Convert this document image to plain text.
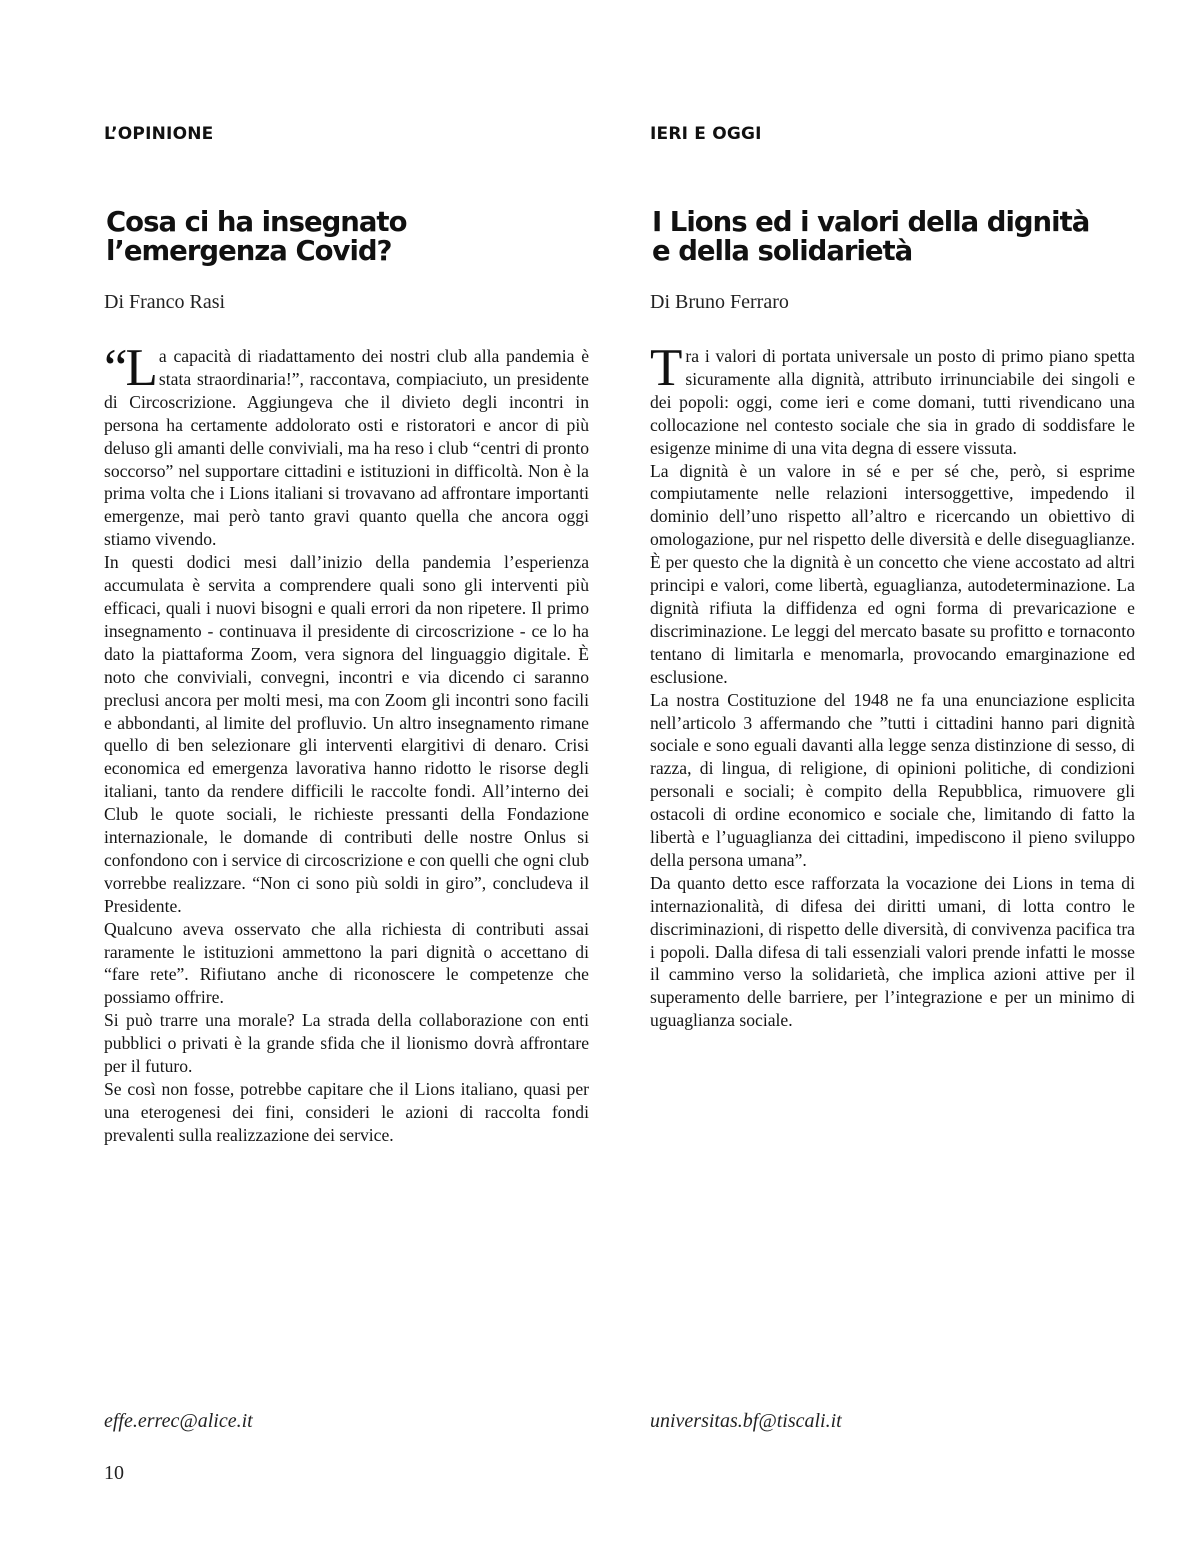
L’OPINIONE
Cosa ci ha insegnato
l’emergenza Covid?
Di Franco Rasi

“La capacità di riadattamento dei nostri club alla pandemia è stata straordinaria!”, raccontava, compiaciuto, un presidente di Circoscrizione. Aggiungeva che il divieto degli incontri in persona ha certamente addolorato osti e ristoratori e ancor di più deluso gli amanti delle conviviali, ma ha reso i club “centri di pronto soccorso” nel supportare cittadini e istituzioni in difficoltà. Non è la prima volta che i Lions italiani si trovavano ad affrontare importanti emergenze, mai però tanto gravi quanto quella che ancora oggi stiamo vivendo.

In questi dodici mesi dall’inizio della pandemia l’esperienza accumulata è servita a comprendere quali sono gli interventi più efficaci, quali i nuovi bisogni e quali errori da non ripetere. Il primo insegnamento - continuava il presidente di circoscrizione - ce lo ha dato la piattaforma Zoom, vera signora del linguaggio digitale. È noto che conviviali, convegni, incontri e via dicendo ci saranno preclusi ancora per molti mesi, ma con Zoom gli incontri sono facili e abbondanti, al limite del profluvio. Un altro insegnamento rimane quello di ben selezionare gli interventi elargitivi di denaro. Crisi economica ed emergenza lavorativa hanno ridotto le risorse degli italiani, tanto da rendere difficili le raccolte fondi. All’interno dei Club le quote sociali, le richieste pressanti della Fondazione internazionale, le domande di contributi delle nostre Onlus si confondono con i service di circoscrizione e con quelli che ogni club vorrebbe realizzare. “Non ci sono più soldi in giro”, concludeva il Presidente.

Qualcuno aveva osservato che alla richiesta di contributi assai raramente le istituzioni ammettono la pari dignità o accettano di “fare rete”. Rifiutano anche di riconoscere le competenze che possiamo offrire.

Si può trarre una morale? La strada della collaborazione con enti pubblici o privati è la grande sfida che il lionismo dovrà affrontare per il futuro.

Se così non fosse, potrebbe capitare che il Lions italiano, quasi per una eterogenesi dei fini, consideri le azioni di raccolta fondi prevalenti sulla realizzazione dei service.

effe.errec@alice.it
IERI E OGGI
I Lions ed i valori della dignità
e della solidarietà
Di Bruno Ferraro

Tra i valori di portata universale un posto di primo piano spetta sicuramente alla dignità, attributo irrinunciabile dei singoli e dei popoli: oggi, come ieri e come domani, tutti rivendicano una collocazione nel contesto sociale che sia in grado di soddisfare le esigenze minime di una vita degna di essere vissuta.

La dignità è un valore in sé e per sé che, però, si esprime compiutamente nelle relazioni intersoggettive, impedendo il dominio dell’uno rispetto all’altro e ricercando un obiettivo di omologazione, pur nel rispetto delle diversità e delle diseguaglianze. È per questo che la dignità è un concetto che viene accostato ad altri principi e valori, come libertà, eguaglianza, autodeterminazione. La dignità rifiuta la diffidenza ed ogni forma di prevaricazione e discriminazione. Le leggi del mercato basate su profitto e tornaconto tentano di limitarla e menomarla, provocando emarginazione ed esclusione.

La nostra Costituzione del 1948 ne fa una enunciazione esplicita nell’articolo 3 affermando che ”tutti i cittadini hanno pari dignità sociale e sono eguali davanti alla legge senza distinzione di sesso, di razza, di lingua, di religione, di opinioni politiche, di condizioni personali e sociali; è compito della Repubblica, rimuovere gli ostacoli di ordine economico e sociale che, limitando di fatto la libertà e l’uguaglianza dei cittadini, impediscono il pieno sviluppo della persona umana”.

Da quanto detto esce rafforzata la vocazione dei Lions in tema di internazionalità, di difesa dei diritti umani, di lotta contro le discriminazioni, di rispetto delle diversità, di convivenza pacifica tra i popoli. Dalla difesa di tali essenziali valori prende infatti le mosse il cammino verso la solidarietà, che implica azioni attive per il superamento delle barriere, per l’integrazione e per un minimo di uguaglianza sociale.

universitas.bf@tiscali.it
10
